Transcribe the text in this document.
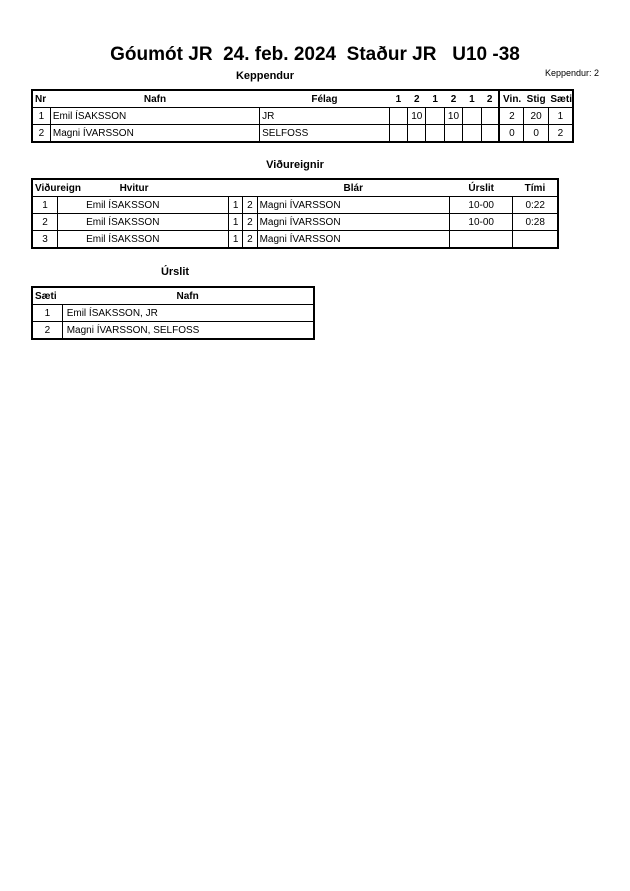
Góumót JR  24. feb. 2024  Staður JR   U10 -38
Keppendur: 2
Keppendur
Nr	Nafn	Félag	1	2	1	2	1	2	Vin.	Stig	Sæti
1	Emil ÍSAKSSON	JR		10		10			2	20	1
2	Magni ÍVARSSON	SELFOSS							0	0	2
Viðureignir
Viðureign	Hvitur			Blár	Úrslit	Tími
1	Emil ÍSAKSSON	1	2	Magni ÍVARSSON	10-00	0:22
2	Emil ÍSAKSSON	1	2	Magni ÍVARSSON	10-00	0:28
3	Emil ÍSAKSSON	1	2	Magni ÍVARSSON		
Úrslit
Sæti	Nafn
1	Emil ÍSAKSSON, JR
2	Magni ÍVARSSON, SELFOSS
